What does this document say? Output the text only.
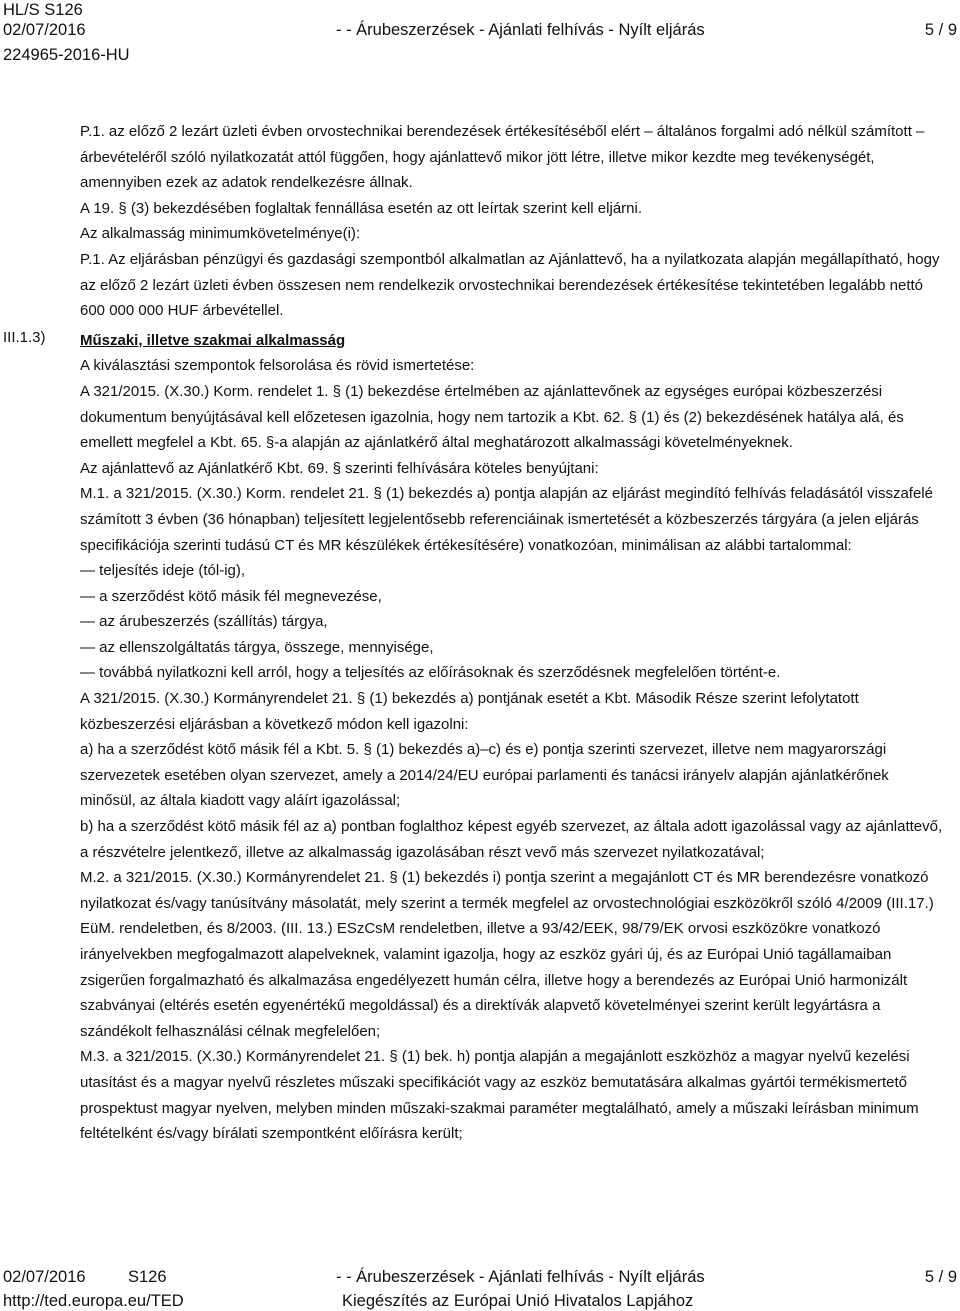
HL/S S126
02/07/2016
224965-2016-HU
- - Árubeszerzések - Ajánlati felhívás - Nyílt eljárás	5 / 9
III.1.3)

P.1. az előző 2 lezárt üzleti évben orvostechnikai berendezések értékesítéséből elért – általános forgalmi adó nélkül számított – árbevételéről szóló nyilatkozatát attól függően, hogy ajánlattevő mikor jött létre, illetve mikor kezdte meg tevékenységét, amennyiben ezek az adatok rendelkezésre állnak.

A 19. § (3) bekezdésében foglaltak fennállása esetén az ott leírtak szerint kell eljárni.

Az alkalmasság minimumkövetelménye(i):

P.1. Az eljárásban pénzügyi és gazdasági szempontból alkalmatlan az Ajánlattevő, ha a nyilatkozata alapján megállapítható, hogy az előző 2 lezárt üzleti évben összesen nem rendelkezik orvostechnikai berendezések értékesítése tekintetében legalább nettó 600 000 000 HUF árbevétellel.

Műszaki, illetve szakmai alkalmasság

A kiválasztási szempontok felsorolása és rövid ismertetése:

A 321/2015. (X.30.) Korm. rendelet 1. § (1) bekezdése értelmében az ajánlattevőnek az egységes európai közbeszerzési dokumentum benyújtásával kell előzetesen igazolnia, hogy nem tartozik a Kbt. 62. § (1) és (2) bekezdésének hatálya alá, és emellett megfelel a Kbt. 65. §-a alapján az ajánlatkérő által meghatározott alkalmassági követelményeknek.

Az ajánlattevő az Ajánlatkérő Kbt. 69. § szerinti felhívására köteles benyújtani:

M.1. a 321/2015. (X.30.) Korm. rendelet 21. § (1) bekezdés a) pontja alapján az eljárást megindító felhívás feladásától visszafelé számított 3 évben (36 hónapban) teljesített legjelentősebb referenciáinak ismertetését a közbeszerzés tárgyára (a jelen eljárás specifikációja szerinti tudású CT és MR készülékek értékesítésére) vonatkozóan, minimálisan az alábbi tartalommal:

— teljesítés ideje (tól-ig),

— a szerződést kötő másik fél megnevezése,

— az árubeszerzés (szállítás) tárgya,

— az ellenszolgáltatás tárgya, összege, mennyisége,

— továbbá nyilatkozni kell arról, hogy a teljesítés az előírásoknak és szerződésnek megfelelően történt-e.

A 321/2015. (X.30.) Kormányrendelet 21. § (1) bekezdés a) pontjának esetét a Kbt. Második Része szerint lefolytatott közbeszerzési eljárásban a következő módon kell igazolni:

a) ha a szerződést kötő másik fél a Kbt. 5. § (1) bekezdés a)–c) és e) pontja szerinti szervezet, illetve nem magyarországi szervezetek esetében olyan szervezet, amely a 2014/24/EU európai parlamenti és tanácsi irányelv alapján ajánlatkérőnek minősül, az általa kiadott vagy aláírt igazolással;

b) ha a szerződést kötő másik fél az a) pontban foglalthoz képest egyéb szervezet, az általa adott igazolással vagy az ajánlattevő, a részvételre jelentkező, illetve az alkalmasság igazolásában részt vevő más szervezet nyilatkozatával;

M.2. a 321/2015. (X.30.) Kormányrendelet 21. § (1) bekezdés i) pontja szerint a megajánlott CT és MR berendezésre vonatkozó nyilatkozat és/vagy tanúsítvány másolatát, mely szerint a termék megfelel az orvostechnológiai eszközökről szóló 4/2009 (III.17.) EüM. rendeletben, és 8/2003. (III. 13.) ESzCsM rendeletben, illetve a 93/42/EEK, 98/79/EK orvosi eszközökre vonatkozó irányelvekben megfogalmazott alapelveknek, valamint igazolja, hogy az eszköz gyári új, és az Európai Unió tagállamaiban zsigerűen forgalmazható és alkalmazása engedélyezett humán célra, illetve hogy a berendezés az Európai Unió harmonizált szabványai (eltérés esetén egyenértékű megoldással) és a direktívák alapvető követelményei szerint került legyártásra a szándékolt felhasználási célnak megfelelően;

M.3. a 321/2015. (X.30.) Kormányrendelet 21. § (1) bek. h) pontja alapján a megajánlott eszközhöz a magyar nyelvű kezelési utasítást és a magyar nyelvű részletes műszaki specifikációt vagy az eszköz bemutatására alkalmas gyártói termékismertető prospektust magyar nyelven, melyben minden műszaki-szakmai paraméter megtalálható, amely a műszaki leírásban minimum feltételként és/vagy bírálati szempontként előírásra került;

02/07/2016	S126
http://ted.europa.eu/TED
- - Árubeszerzések - Ajánlati felhívás - Nyílt eljárás
Kiegészítés az Európai Unió Hivatalos Lapjához
5 / 9
